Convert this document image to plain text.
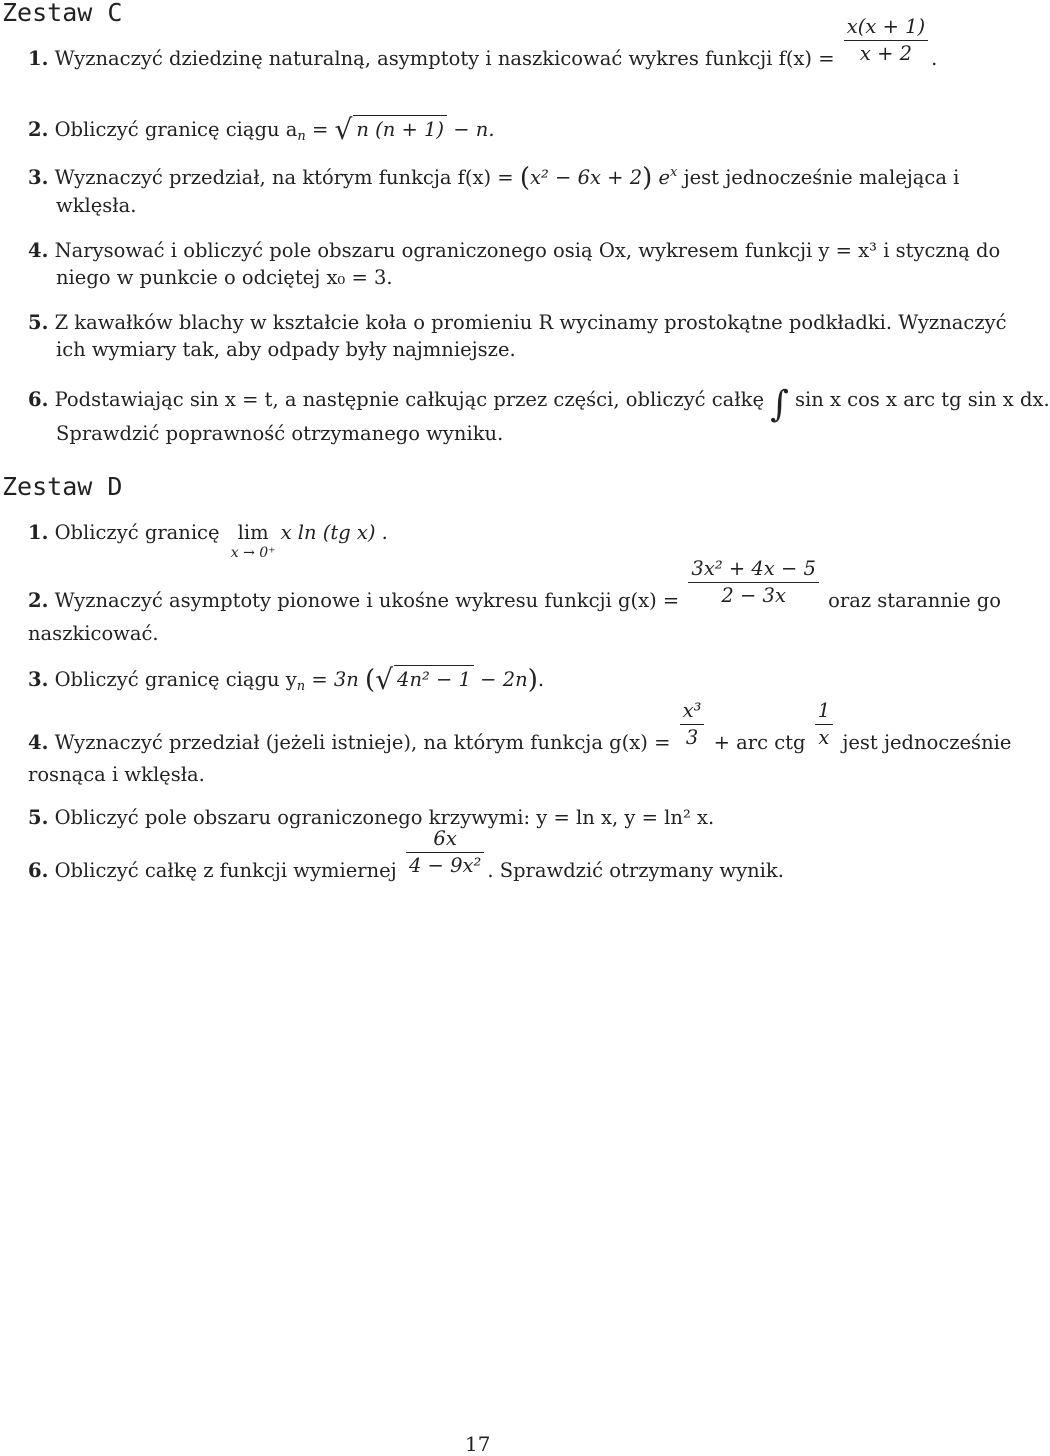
Zestaw C
1. Wyznaczyć dziedzinę naturalną, asymptoty i naszkicować wykres funkcji $f(x) = \frac{x(x + 1)}{x + 2}$ .
2. Obliczyć granicę ciągu $a_n$ = √ n (n + 1) − n.
3. Wyznaczyć przedział, na którym funkcja f(x) = (x² − 6x + 2) $e^x$ jest jednocześnie malejąca i
wklęsła.
4. Narysować i obliczyć pole obszaru ograniczonego osią Ox, wykresem funkcji y = x³ i styczną do
niego w punkcie o odciętej x₀ = 3.
5. Z kawałków blachy w kształcie koła o promieniu R wycinamy prostokątne podkładki. Wyznaczyć
ich wymiary tak, aby odpady były najmniejsze.
6. Podstawiając sin x = t, a następnie całkując przez części, obliczyć całkę ∫ sin x cos x arc tg sin x dx.
Sprawdzić poprawność otrzymanego wyniku.
Zestaw D
1. Obliczyć granicę lim
x → 0⁺
x ln (tg x) .
2. Wyznaczyć asymptoty pionowe i ukośne wykresu funkcji $g(x) = \frac{\text{3x² + 4x − 5}}{2 - 3x}$ oraz starannie go
naszkicować.
3. Obliczyć granicę ciągu $y_n = 3n$ (√ 4n² − 1 − 2n).
4. Wyznaczyć przedział (jeżeli istnieje), na którym funkcja $g(x) = \frac{\text{x³}}{3}$ + arc ctg $\frac{1}{x}$ jest jednocześnie
rosnąca i wklęsła.
5. Obliczyć pole obszaru ograniczonego krzywymi: y = ln x, y = ln² x.
6. Obliczyć całkę z funkcji wymiernej $\frac{6x}{\text{4 − 9x²}}$ . Sprawdzić otrzymany wynik.
17
